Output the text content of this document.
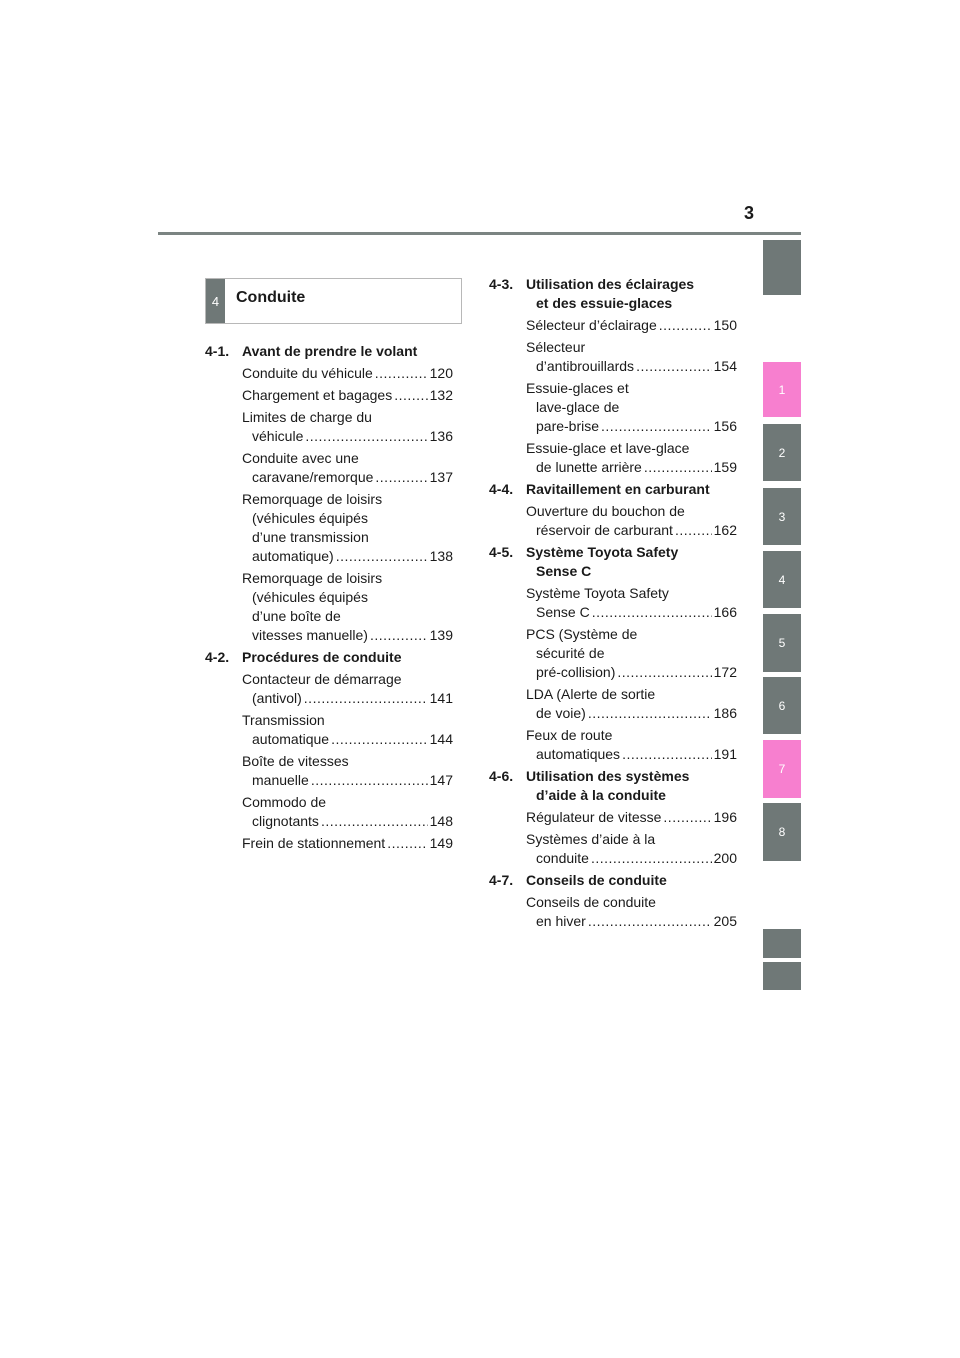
3
1
2
3
4
5
6
7
8
4	Conduite
4-1. Avant de prendre le volant
Conduite du véhicule .....	120
Chargement et bagages .....	132
Limites de charge du
véhicule .....	136
Conduite avec une
caravane/remorque .....	137
Remorquage de loisirs
(véhicules équipés
d’une transmission
automatique) .....	138
Remorquage de loisirs
(véhicules équipés
d’une boîte de
vitesses manuelle) .....	139
4-2. Procédures de conduite
Contacteur de démarrage
(antivol) .....	141
Transmission
automatique .....	144
Boîte de vitesses
manuelle .....	147
Commodo de
clignotants .....	148
Frein de stationnement .....	149
4-3. Utilisation des éclairages
et des essuie-glaces
Sélecteur d’éclairage .....	150
Sélecteur
d’antibrouillards .....	154
Essuie-glaces et
lave-glace de
pare-brise .....	156
Essuie-glace et lave-glace
de lunette arrière .....	159
4-4. Ravitaillement en carburant
Ouverture du bouchon de
réservoir de carburant .....	162
4-5. Système Toyota Safety
Sense C
Système Toyota Safety
Sense C .....	166
PCS (Système de
sécurité de
pré-collision) .....	172
LDA (Alerte de sortie
de voie) .....	186
Feux de route
automatiques .....	191
4-6. Utilisation des systèmes
d’aide à la conduite
Régulateur de vitesse .....	196
Systèmes d’aide à la
conduite .....	200
4-7. Conseils de conduite
Conseils de conduite
en hiver .....	205
